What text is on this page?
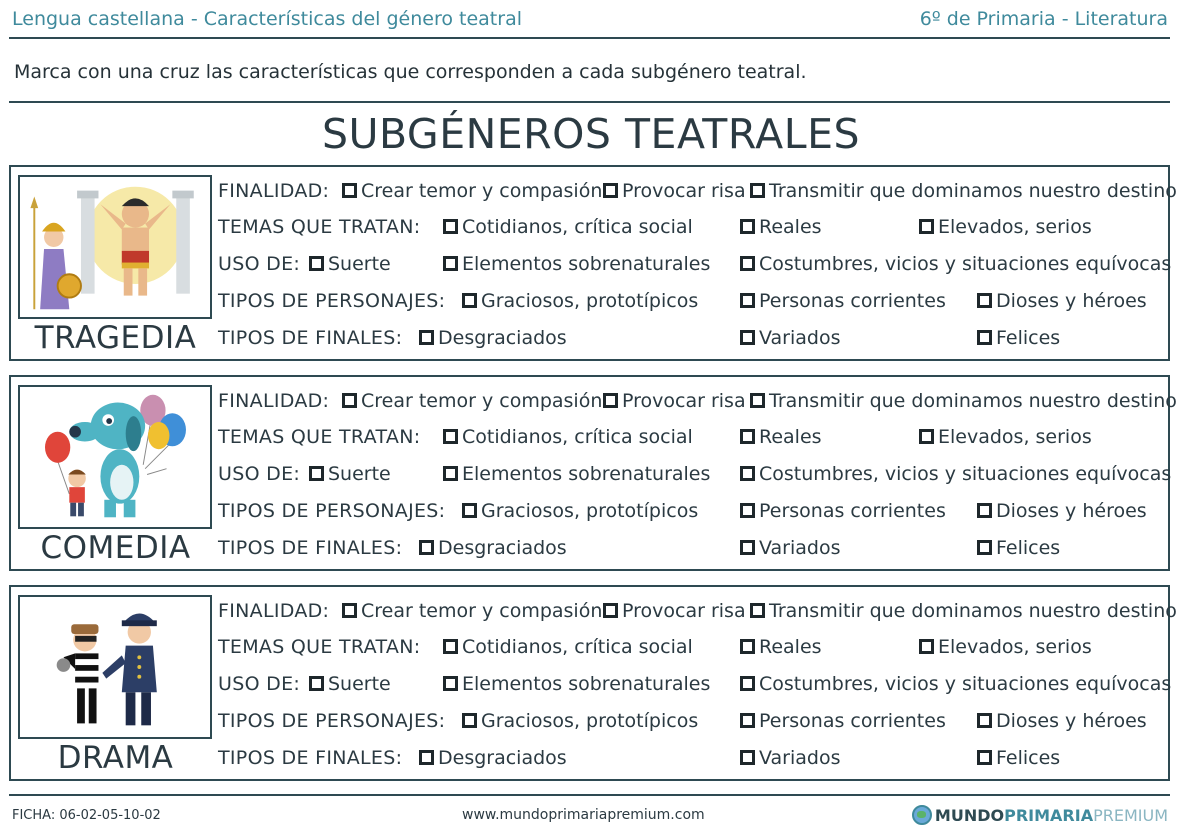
Lengua castellana - Características del género teatral	6º de Primaria - Literatura
Marca con una cruz las características que corresponden a cada subgénero teatral.
SUBGÉNEROS TEATRALES
TRAGEDIA
FINALIDAD:	Crear temor y compasión	Provocar risa	Transmitir que dominamos nuestro destino
TEMAS QUE TRATAN:	Cotidianos, crítica social	Reales	Elevados, serios
USO DE:	Suerte	Elementos sobrenaturales	Costumbres, vicios y situaciones equívocas
TIPOS DE PERSONAJES:	Graciosos, prototípicos	Personas corrientes	Dioses y héroes
TIPOS DE FINALES:	Desgraciados	Variados	Felices
COMEDIA
FINALIDAD:	Crear temor y compasión	Provocar risa	Transmitir que dominamos nuestro destino
TEMAS QUE TRATAN:	Cotidianos, crítica social	Reales	Elevados, serios
USO DE:	Suerte	Elementos sobrenaturales	Costumbres, vicios y situaciones equívocas
TIPOS DE PERSONAJES:	Graciosos, prototípicos	Personas corrientes	Dioses y héroes
TIPOS DE FINALES:	Desgraciados	Variados	Felices
DRAMA
FINALIDAD:	Crear temor y compasión	Provocar risa	Transmitir que dominamos nuestro destino
TEMAS QUE TRATAN:	Cotidianos, crítica social	Reales	Elevados, serios
USO DE:	Suerte	Elementos sobrenaturales	Costumbres, vicios y situaciones equívocas
TIPOS DE PERSONAJES:	Graciosos, prototípicos	Personas corrientes	Dioses y héroes
TIPOS DE FINALES:	Desgraciados	Variados	Felices
FICHA: 06-02-05-10-02	www.mundoprimariapremium.com	MUNDOPRIMARIAPREMIUM
